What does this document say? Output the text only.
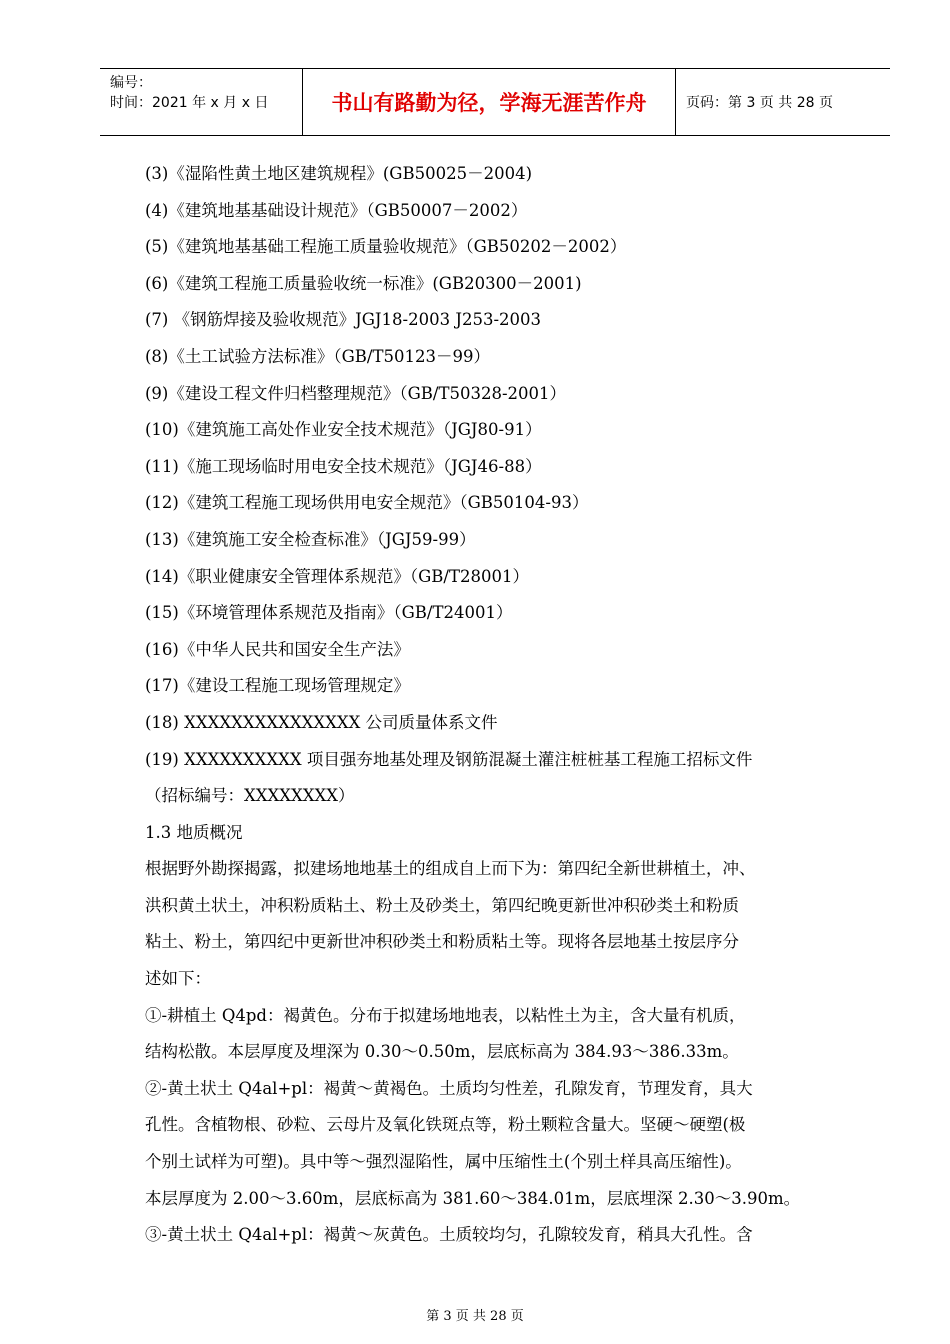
编号：
时间：2021 年 x 月 x 日	书山有路勤为径，学海无涯苦作舟	页码：第 3 页 共 28 页
(3)《湿陷性黄土地区建筑规程》(GB50025－2004)
(4)《建筑地基基础设计规范》（GB50007－2002）
(5)《建筑地基基础工程施工质量验收规范》（GB50202－2002）
(6)《建筑工程施工质量验收统一标准》(GB20300－2001)
(7) 《钢筋焊接及验收规范》JGJ18-2003 J253-2003
(8)《土工试验方法标准》（GB/T50123－99）
(9)《建设工程文件归档整理规范》（GB/T50328-2001）
(10)《建筑施工高处作业安全技术规范》（JGJ80-91）
(11)《施工现场临时用电安全技术规范》（JGJ46-88）
(12)《建筑工程施工现场供用电安全规范》（GB50104-93）
(13)《建筑施工安全检查标准》（JGJ59-99）
(14)《职业健康安全管理体系规范》（GB/T28001）
(15)《环境管理体系规范及指南》（GB/T24001）
(16)《中华人民共和国安全生产法》
(17)《建设工程施工现场管理规定》
(18) XXXXXXXXXXXXXXX 公司质量体系文件
(19) XXXXXXXXXX 项目强夯地基处理及钢筋混凝土灌注桩桩基工程施工招标文件
（招标编号：XXXXXXXX）
1.3 地质概况
根据野外勘探揭露，拟建场地地基土的组成自上而下为：第四纪全新世耕植土，冲、
洪积黄土状土，冲积粉质粘土、粉土及砂类土，第四纪晚更新世冲积砂类土和粉质
粘土、粉土，第四纪中更新世冲积砂类土和粉质粘土等。现将各层地基土按层序分
述如下：
①-耕植土 Q4pd：褐黄色。分布于拟建场地地表，以粘性土为主，含大量有机质，
结构松散。本层厚度及埋深为 0.30～0.50m，层底标高为 384.93～386.33m。
②-黄土状土 Q4al+pl：褐黄～黄褐色。土质均匀性差，孔隙发育，节理发育，具大
孔性。含植物根、砂粒、云母片及氧化铁斑点等，粉土颗粒含量大。坚硬～硬塑(极
个别土试样为可塑)。具中等～强烈湿陷性，属中压缩性土(个别土样具高压缩性)。
本层厚度为 2.00～3.60m，层底标高为 381.60～384.01m，层底埋深 2.30～3.90m。
③-黄土状土 Q4al+pl：褐黄～灰黄色。土质较均匀，孔隙较发育，稍具大孔性。含
第 3 页 共 28 页
